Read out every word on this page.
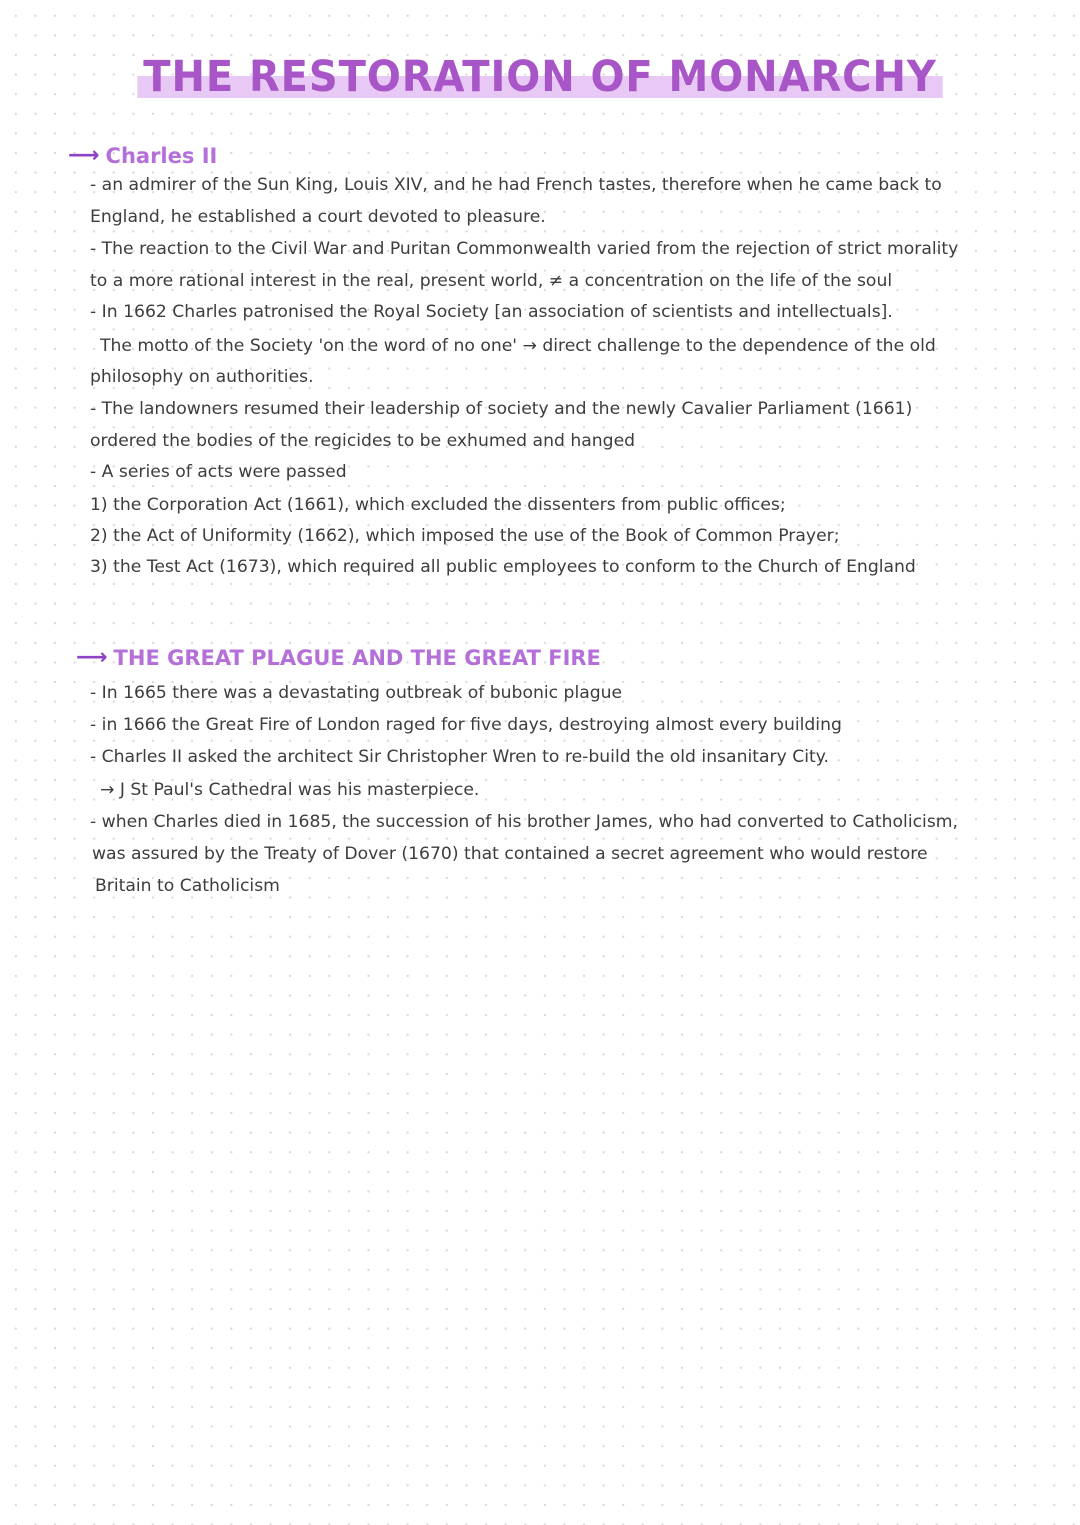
THE RESTORATION OF MONARCHY
⟶ Charles II
- an admirer of the Sun King, Louis XIV, and he had French tastes, therefore when he came back to
England, he established a court devoted to pleasure.
- The reaction to the Civil War and Puritan Commonwealth varied from the rejection of strict morality
to a more rational interest in the real, present world, ≠ a concentration on the life of the soul
- In 1662 Charles patronised the Royal Society [an association of scientists and intellectuals].
The motto of the Society 'on the word of no one' → direct challenge to the dependence of the old
philosophy on authorities.
- The landowners resumed their leadership of society and the newly Cavalier Parliament (1661)
ordered the bodies of the regicides to be exhumed and hanged
- A series of acts were passed
1) the Corporation Act (1661), which excluded the dissenters from public offices;
2) the Act of Uniformity (1662), which imposed the use of the Book of Common Prayer;
3) the Test Act (1673), which required all public employees to conform to the Church of England
⟶ THE GREAT PLAGUE AND THE GREAT FIRE
- In 1665 there was a devastating outbreak of bubonic plague
- in 1666 the Great Fire of London raged for five days, destroying almost every building
- Charles II asked the architect Sir Christopher Wren to re-build the old insanitary City.
→ J St Paul's Cathedral was his masterpiece.
- when Charles died in 1685, the succession of his brother James, who had converted to Catholicism,
was assured by the Treaty of Dover (1670) that contained a secret agreement who would restore
Britain to Catholicism
